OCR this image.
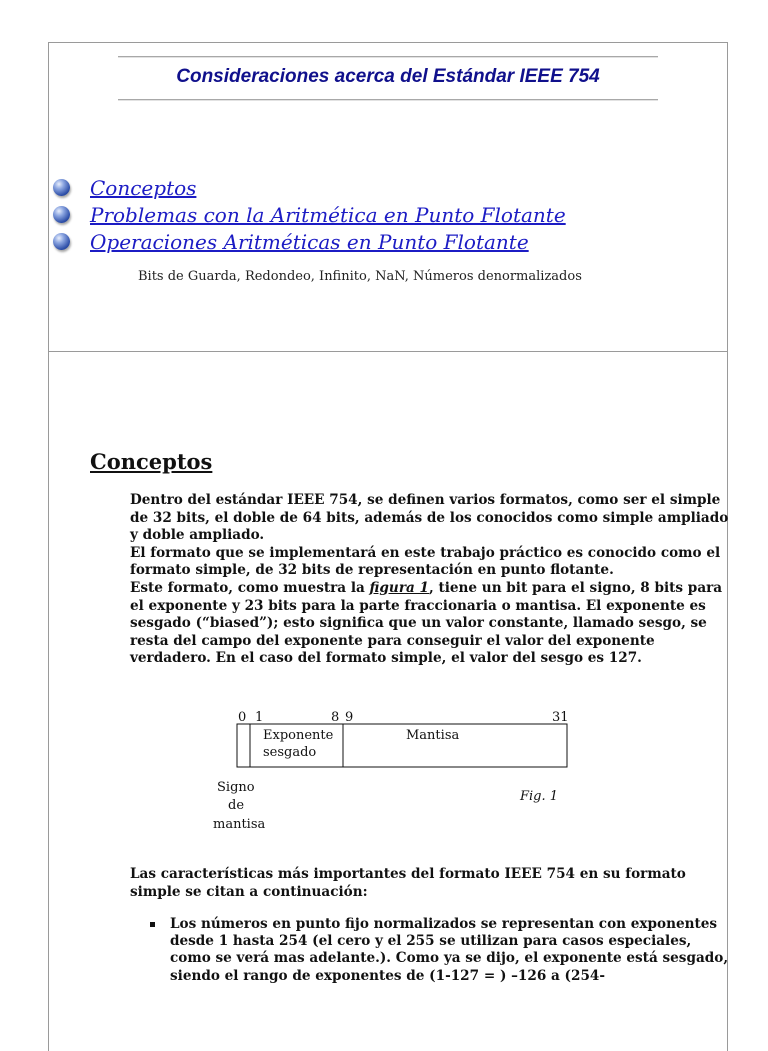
Consideraciones acerca del Estándar IEEE 754
Conceptos
Problemas con la Aritmética en Punto Flotante
Operaciones Aritméticas en Punto Flotante
Bits de Guarda, Redondeo, Infinito, NaN, Números denormalizados
Conceptos

Dentro del estándar IEEE 754, se definen varios formatos, como ser el simple de 32 bits, el doble de 64 bits, además de los conocidos como simple ampliado y doble ampliado.

El formato que se implementará en este trabajo práctico es conocido como el formato simple, de 32 bits de representación en punto flotante.

Este formato, como muestra la figura 1, tiene un bit para el signo, 8 bits para el exponente y 23 bits para la parte fraccionaria o mantisa. El exponente es sesgado (“biased”); esto significa que un valor constante, llamado sesgo, se resta del campo del exponente para conseguir el valor del exponente verdadero. En el caso del formato simple, el valor del sesgo es 127.

0 1	8 9	31
Exponente
sesgado
Mantisa
Signo
de
mantisa
Fig. 1

Las características más importantes del formato IEEE 754 en su formato simple se citan a continuación:

Los números en punto fijo normalizados se representan con exponentes desde 1 hasta 254 (el cero y el 255 se utilizan para casos especiales, como se verá mas adelante.). Como ya se dijo, el exponente está sesgado, siendo el rango de exponentes de (1-127 = ) –126 a (254-
